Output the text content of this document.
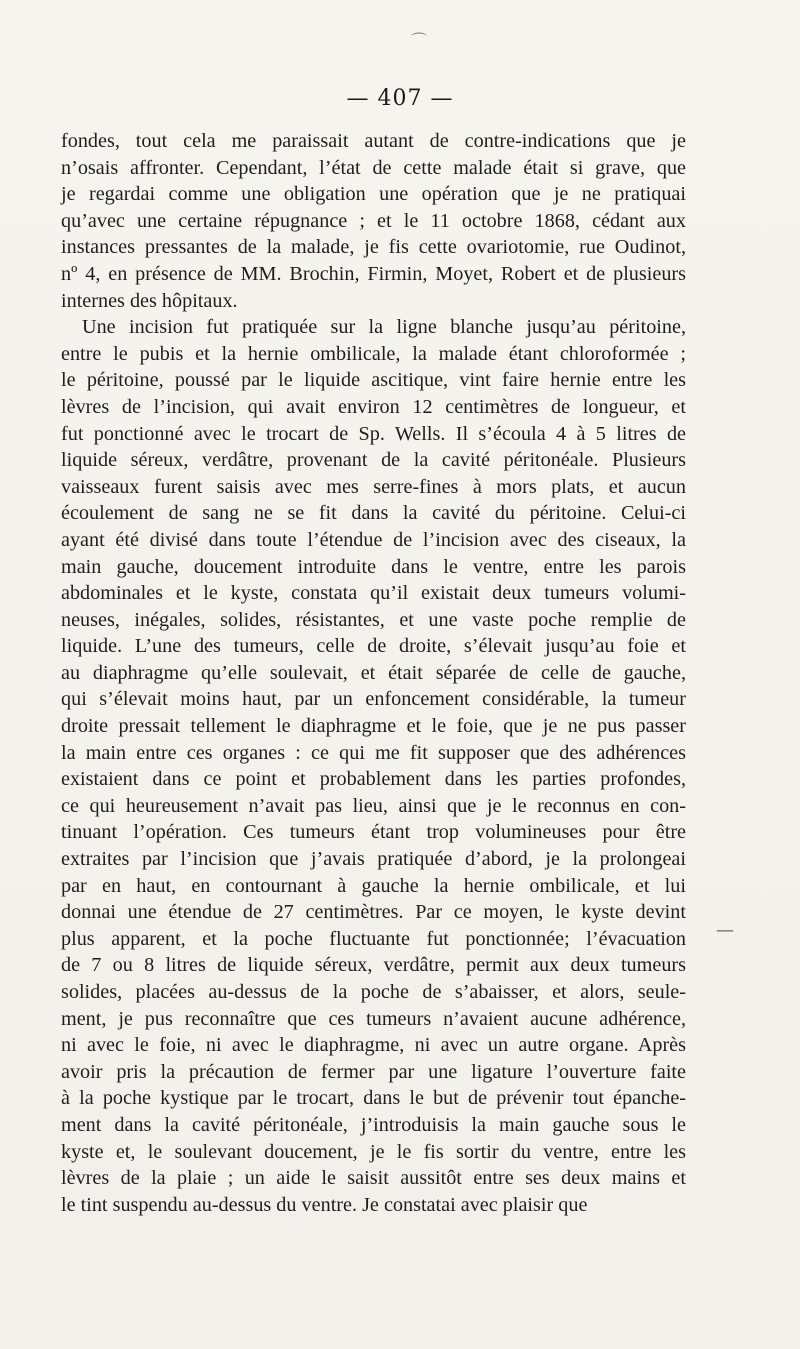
⌒
— 407 —
fondes, tout cela me paraissait autant de contre-indications que je
n’osais affronter. Cependant, l’état de cette malade était si grave, que
je regardai comme une obligation une opération que je ne pratiquai
qu’avec une certaine répugnance ; et le 11 octobre 1868, cédant aux
instances pressantes de la malade, je fis cette ovariotomie, rue Oudinot,
nº 4, en présence de MM. Brochin, Firmin, Moyet, Robert et de plusieurs
internes des hôpitaux.
Une incision fut pratiquée sur la ligne blanche jusqu’au péritoine,
entre le pubis et la hernie ombilicale, la malade étant chloroformée ;
le péritoine, poussé par le liquide ascitique, vint faire hernie entre les
lèvres de l’incision, qui avait environ 12 centimètres de longueur, et
fut ponctionné avec le trocart de Sp. Wells. Il s’écoula 4 à 5 litres de
liquide séreux, verdâtre, provenant de la cavité péritonéale. Plusieurs
vaisseaux furent saisis avec mes serre-fines à mors plats, et aucun
écoulement de sang ne se fit dans la cavité du péritoine. Celui-ci
ayant été divisé dans toute l’étendue de l’incision avec des ciseaux, la
main gauche, doucement introduite dans le ventre, entre les parois
abdominales et le kyste, constata qu’il existait deux tumeurs volumi-
neuses, inégales, solides, résistantes, et une vaste poche remplie de
liquide. L’une des tumeurs, celle de droite, s’élevait jusqu’au foie et
au diaphragme qu’elle soulevait, et était séparée de celle de gauche,
qui s’élevait moins haut, par un enfoncement considérable, la tumeur
droite pressait tellement le diaphragme et le foie, que je ne pus passer
la main entre ces organes : ce qui me fit supposer que des adhérences
existaient dans ce point et probablement dans les parties profondes,
ce qui heureusement n’avait pas lieu, ainsi que je le reconnus en con-
tinuant l’opération. Ces tumeurs étant trop volumineuses pour être
extraites par l’incision que j’avais pratiquée d’abord, je la prolongeai
par en haut, en contournant à gauche la hernie ombilicale, et lui
donnai une étendue de 27 centimètres. Par ce moyen, le kyste devint
plus apparent, et la poche fluctuante fut ponctionnée; l’évacuation
de 7 ou 8 litres de liquide séreux, verdâtre, permit aux deux tumeurs
solides, placées au-dessus de la poche de s’abaisser, et alors, seule-
ment, je pus reconnaître que ces tumeurs n’avaient aucune adhérence,
ni avec le foie, ni avec le diaphragme, ni avec un autre organe. Après
avoir pris la précaution de fermer par une ligature l’ouverture faite
à la poche kystique par le trocart, dans le but de prévenir tout épanche-
ment dans la cavité péritonéale, j’introduisis la main gauche sous le
kyste et, le soulevant doucement, je le fis sortir du ventre, entre les
lèvres de la plaie ; un aide le saisit aussitôt entre ses deux mains et
le tint suspendu au-dessus du ventre. Je constatai avec plaisir que
—
